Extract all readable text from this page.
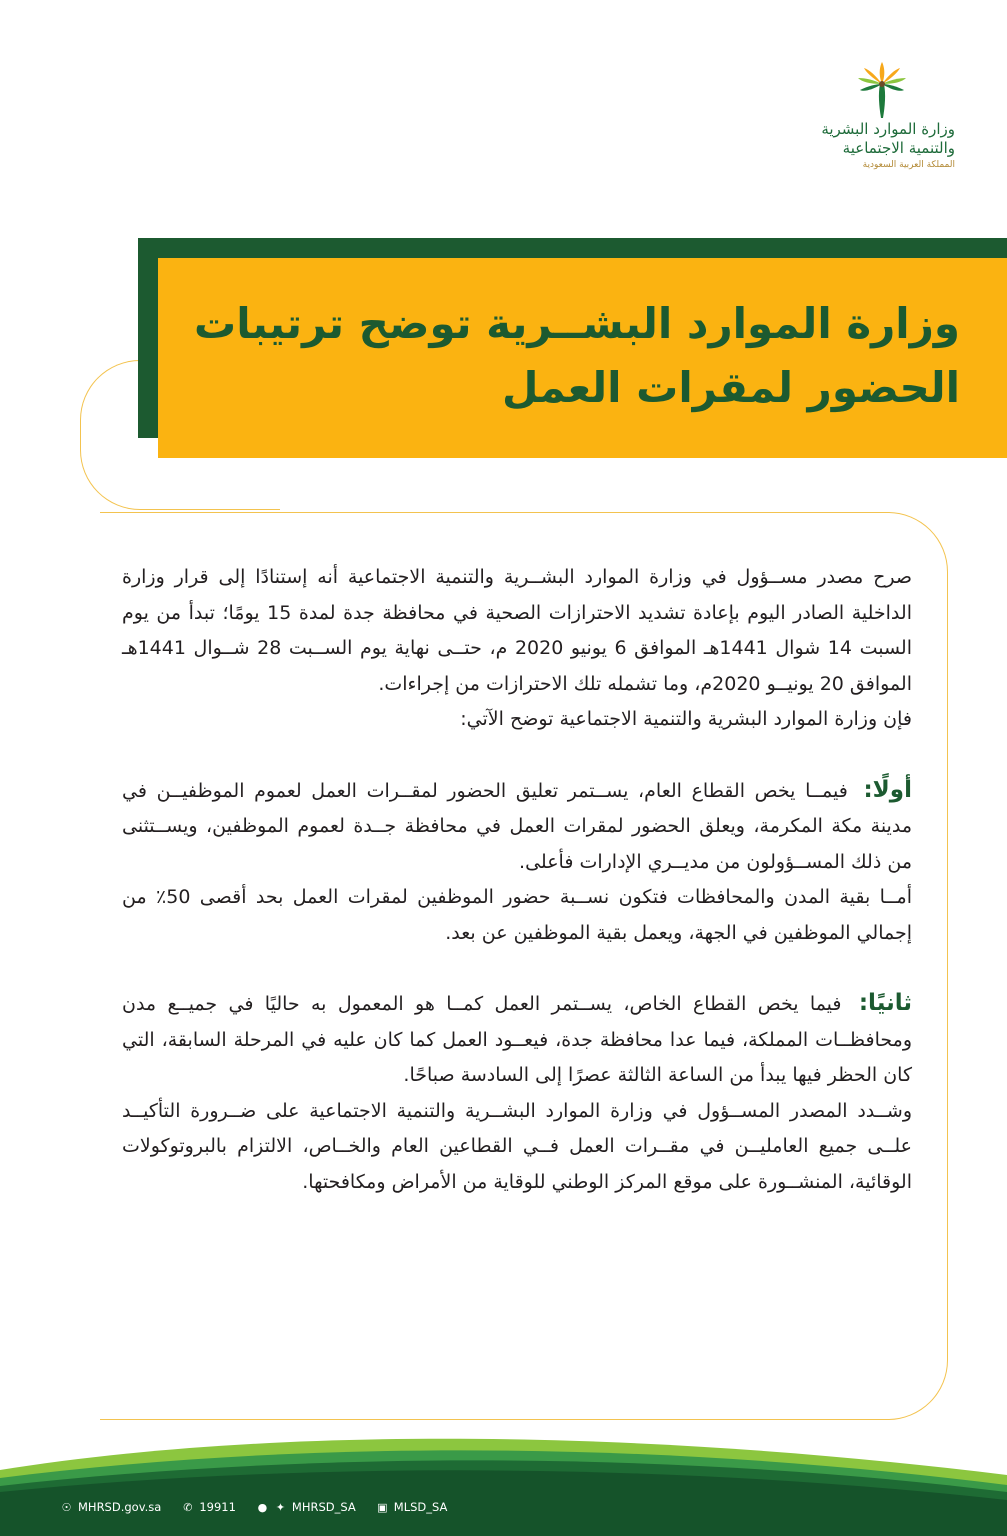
وزارة الموارد البشرية
والتنمية الاجتماعية
المملكة العربية السعودية
وزارة الموارد البشــرية توضح ترتيبات
الحضور لمقرات العمل

صرح مصدر مســؤول في وزارة الموارد البشــرية والتنمية الاجتماعية أنه إستنادًا إلى قرار وزارة الداخلية الصادر اليوم بإعادة تشديد الاحترازات الصحية في محافظة جدة لمدة 15 يومًا؛ تبدأ من يوم السبت 14 شوال 1441هـ الموافق 6 يونيو 2020 م، حتــى نهاية يوم الســبت 28 شــوال 1441هـ الموافق 20 يونيــو 2020م، وما تشمله تلك الاحترازات من إجراءات.

فإن وزارة الموارد البشرية والتنمية الاجتماعية توضح الآتي:

أولًا: فيمــا يخص القطاع العام، يســتمر تعليق الحضور لمقــرات العمل لعموم الموظفيــن في مدينة مكة المكرمة، ويعلق الحضور لمقرات العمل في محافظة جــدة لعموم الموظفين، ويســتثنى من ذلك المســؤولون من مديــري الإدارات فأعلى.

أمــا بقية المدن والمحافظات فتكون نســبة حضور الموظفين لمقرات العمل بحد أقصى 50٪ من إجمالي الموظفين في الجهة، ويعمل بقية الموظفين عن بعد.

ثانيًا: فيما يخص القطاع الخاص، يســتمر العمل كمــا هو المعمول به حاليًا في جميــع مدن ومحافظــات المملكة، فيما عدا محافظة جدة، فيعــود العمل كما كان عليه في المرحلة السابقة، التي كان الحظر فيها يبدأ من الساعة الثالثة عصرًا إلى السادسة صباحًا.

وشــدد المصدر المســؤول في وزارة الموارد البشــرية والتنمية الاجتماعية على ضــرورة التأكيــد علــى جميع العامليــن في مقــرات العمل فــي القطاعين العام والخــاص، الالتزام بالبروتوكولات الوقائية، المنشــورة على موقع المركز الوطني للوقاية من الأمراض ومكافحتها.

☉ MHRSD.gov.sa ✆ 19911 ● ✦ MHRSD_SA ▣ MLSD_SA
